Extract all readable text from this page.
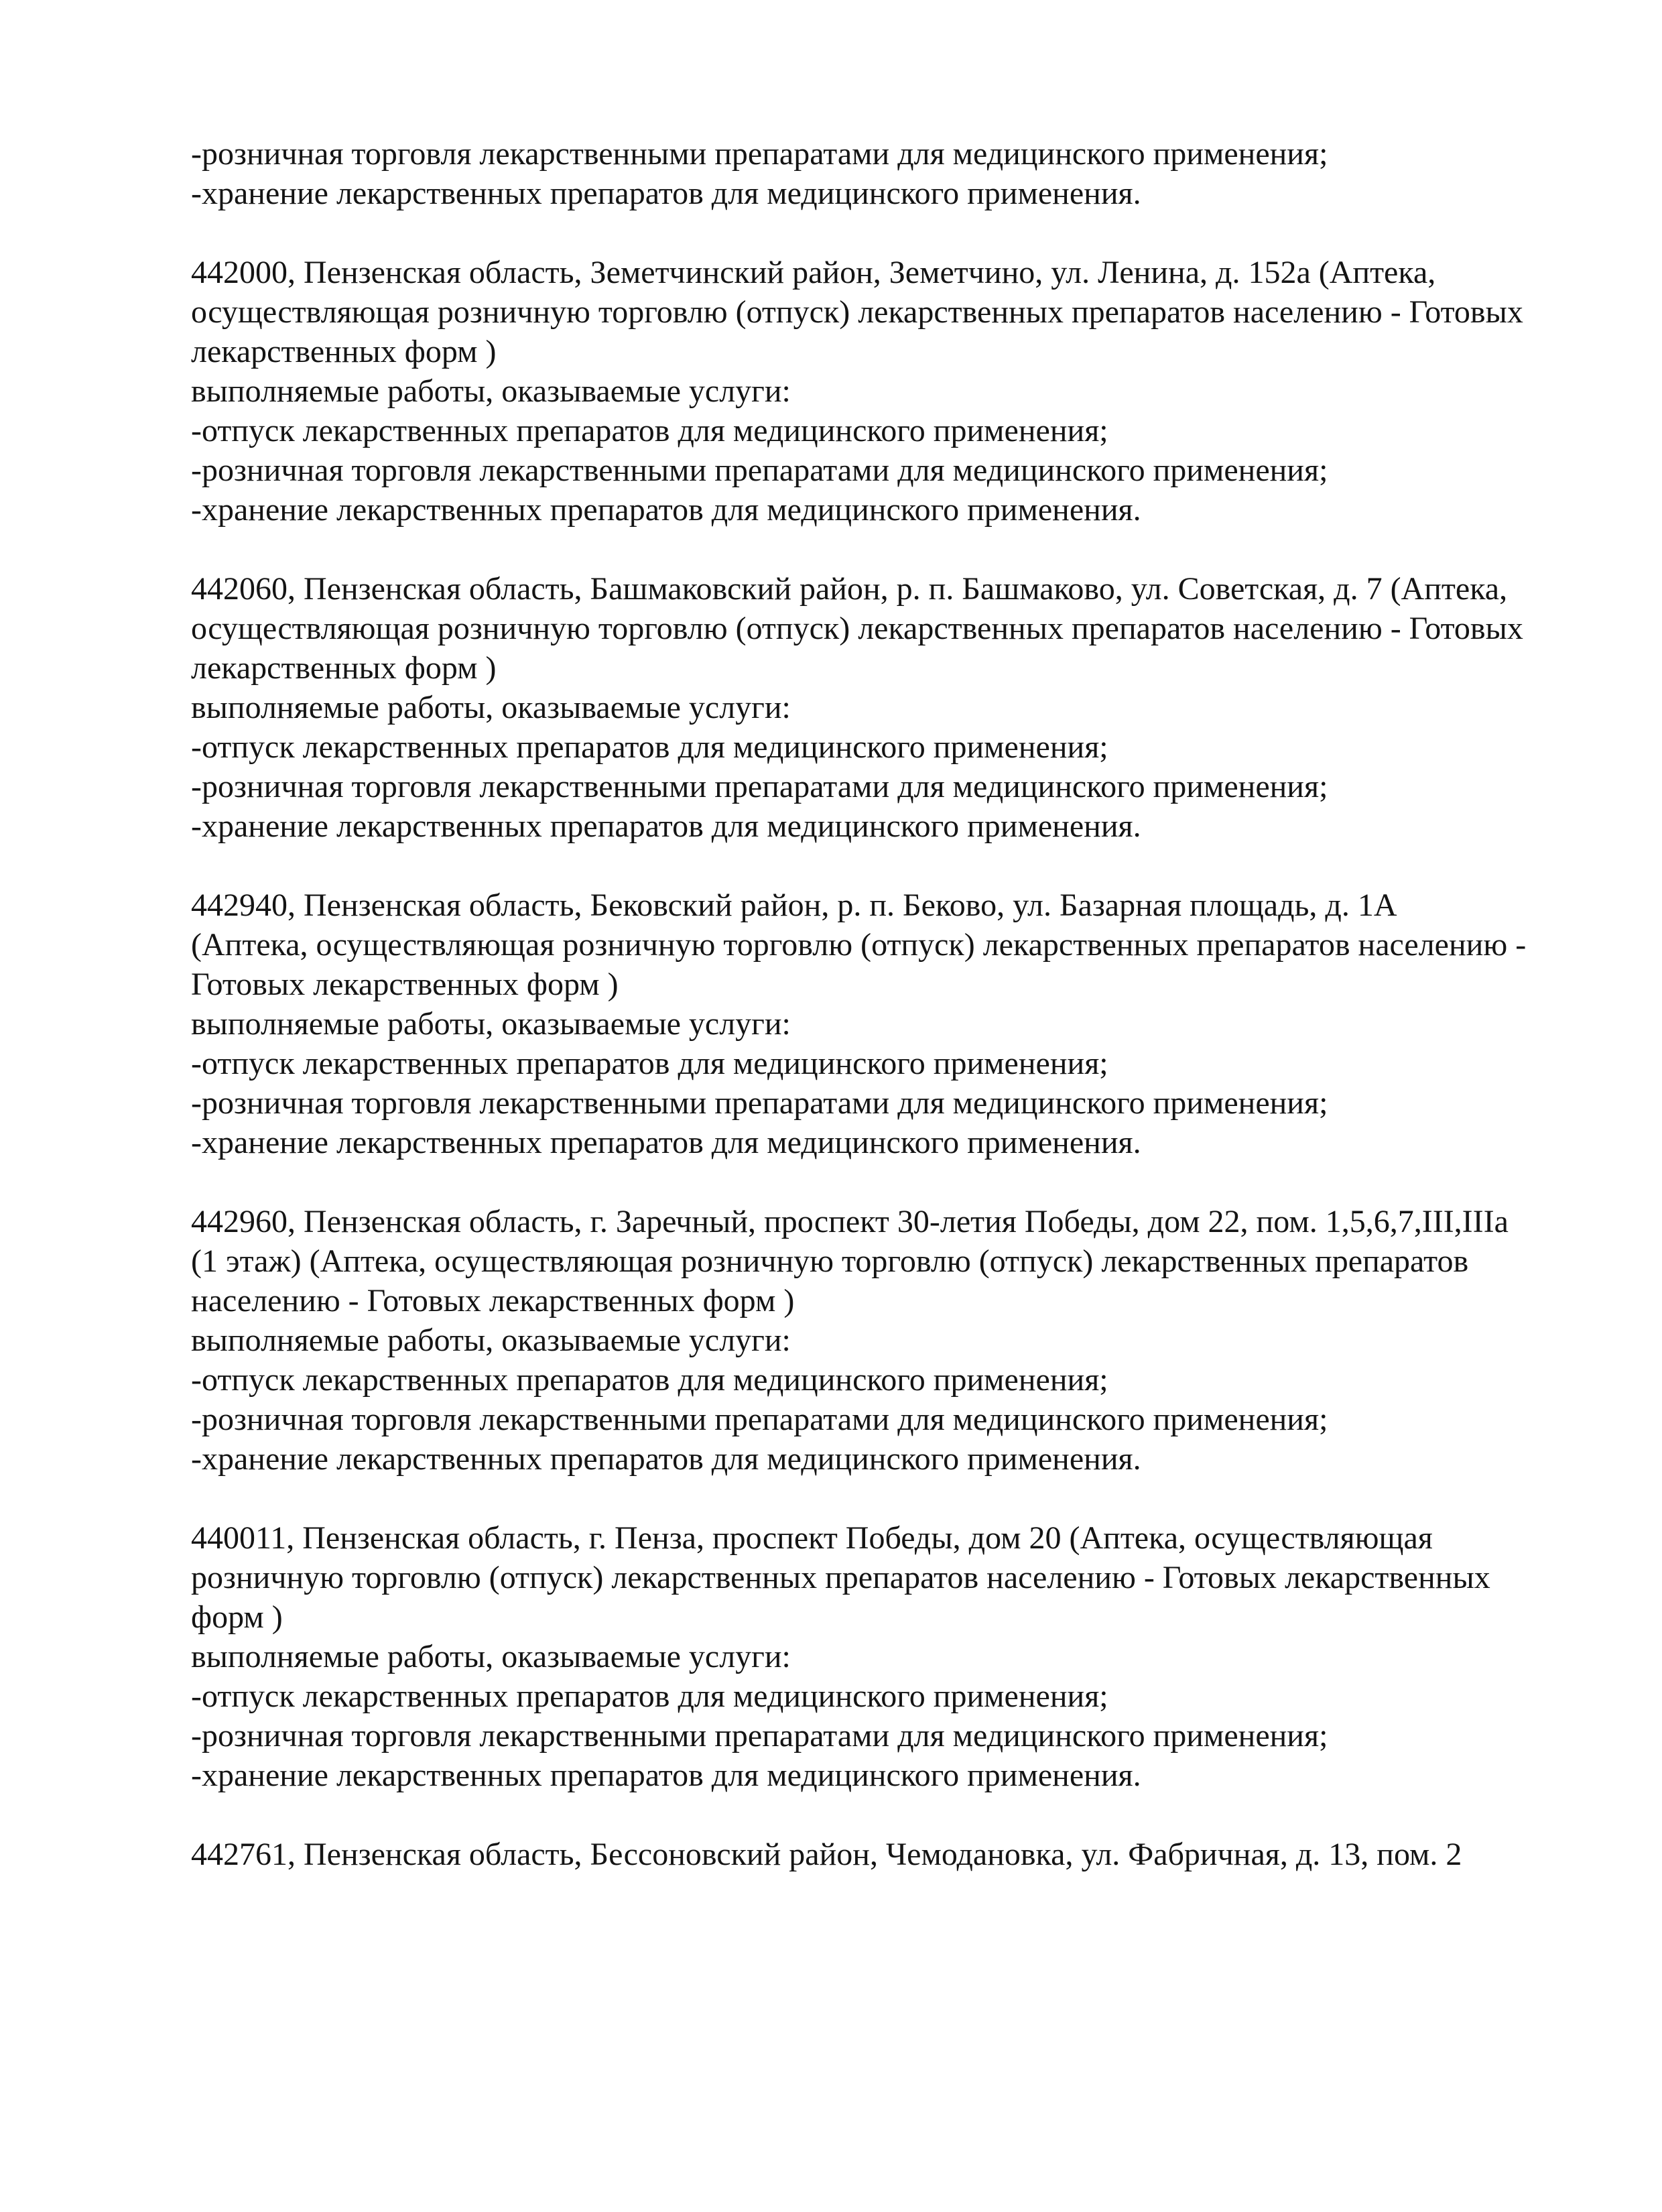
-розничная торговля лекарственными препаратами для медицинского применения;
-хранение лекарственных препаратов для медицинского применения.
442000, Пензенская область, Земетчинский район, Земетчино, ул. Ленина, д. 152а (Аптека,
осуществляющая розничную торговлю (отпуск) лекарственных препаратов населению - Готовых
лекарственных форм )
выполняемые работы, оказываемые услуги:
-отпуск лекарственных препаратов для медицинского применения;
-розничная торговля лекарственными препаратами для медицинского применения;
-хранение лекарственных препаратов для медицинского применения.
442060, Пензенская область, Башмаковский район, р. п. Башмаково, ул. Советская, д. 7 (Аптека,
осуществляющая розничную торговлю (отпуск) лекарственных препаратов населению - Готовых
лекарственных форм )
выполняемые работы, оказываемые услуги:
-отпуск лекарственных препаратов для медицинского применения;
-розничная торговля лекарственными препаратами для медицинского применения;
-хранение лекарственных препаратов для медицинского применения.
442940, Пензенская область, Бековский район, р. п. Беково, ул. Базарная площадь, д. 1А
(Аптека, осуществляющая розничную торговлю (отпуск) лекарственных препаратов населению -
Готовых лекарственных форм )
выполняемые работы, оказываемые услуги:
-отпуск лекарственных препаратов для медицинского применения;
-розничная торговля лекарственными препаратами для медицинского применения;
-хранение лекарственных препаратов для медицинского применения.
442960, Пензенская область, г. Заречный, проспект 30-летия Победы, дом 22, пом. 1,5,6,7,III,IIIа
(1 этаж) (Аптека, осуществляющая розничную торговлю (отпуск) лекарственных препаратов
населению - Готовых лекарственных форм )
выполняемые работы, оказываемые услуги:
-отпуск лекарственных препаратов для медицинского применения;
-розничная торговля лекарственными препаратами для медицинского применения;
-хранение лекарственных препаратов для медицинского применения.
440011, Пензенская область, г. Пенза, проспект Победы, дом 20 (Аптека, осуществляющая
розничную торговлю (отпуск) лекарственных препаратов населению - Готовых лекарственных
форм )
выполняемые работы, оказываемые услуги:
-отпуск лекарственных препаратов для медицинского применения;
-розничная торговля лекарственными препаратами для медицинского применения;
-хранение лекарственных препаратов для медицинского применения.
442761, Пензенская область, Бессоновский район, Чемодановка, ул. Фабричная, д. 13, пом. 2
